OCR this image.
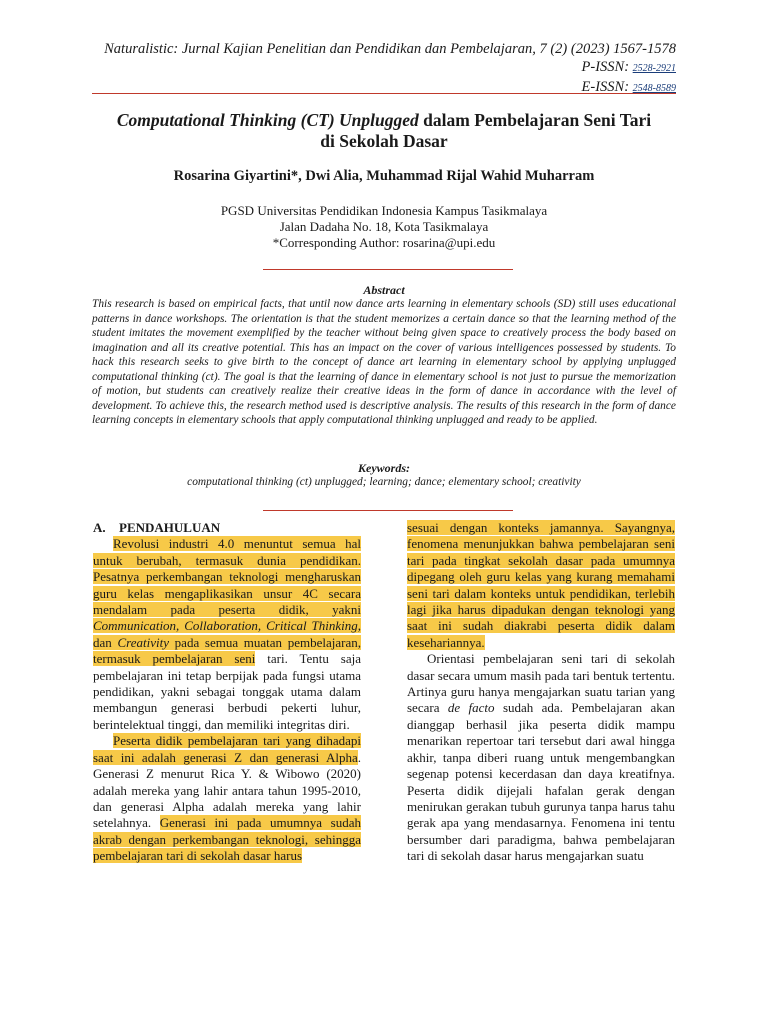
Naturalistic: Jurnal Kajian Penelitian dan Pendidikan dan Pembelajaran, 7 (2) (2023) 1567-1578
P-ISSN: 2528-2921
E-ISSN: 2548-8589
Computational Thinking (CT) Unplugged dalam Pembelajaran Seni Tari
di Sekolah Dasar
Rosarina Giyartini*, Dwi Alia, Muhammad Rijal Wahid Muharram
PGSD Universitas Pendidikan Indonesia Kampus Tasikmalaya
Jalan Dadaha No. 18, Kota Tasikmalaya
*Corresponding Author: rosarina@upi.edu
Abstract
This research is based on empirical facts, that until now dance arts learning in elementary schools (SD) still uses educational patterns in dance workshops. The orientation is that the student memorizes a certain dance so that the learning method of the student imitates the movement exemplified by the teacher without being given space to creatively process the body based on imagination and all its creative potential. This has an impact on the cover of various intelligences possessed by students. To hack this research seeks to give birth to the concept of dance art learning in elementary school by applying unplugged computational thinking (ct). The goal is that the learning of dance in elementary school is not just to pursue the memorization of motion, but students can creatively realize their creative ideas in the form of dance in accordance with the level of development. To achieve this, the research method used is descriptive analysis. The results of this research in the form of dance learning concepts in elementary schools that apply computational thinking unplugged and ready to be applied.
Keywords:
computational thinking (ct) unplugged; learning; dance; elementary school; creativity
A. PENDAHULUAN

Revolusi industri 4.0 menuntut semua hal untuk berubah, termasuk dunia pendidikan. Pesatnya perkembangan teknologi mengharuskan guru kelas mengaplikasikan unsur 4C secara mendalam pada peserta didik, yakni Communication, Collaboration, Critical Thinking, dan Creativity pada semua muatan pembelajaran, termasuk pembelajaran seni tari. Tentu saja pembelajaran ini tetap berpijak pada fungsi utama pendidikan, yakni sebagai tonggak utama dalam membangun generasi berbudi pekerti luhur, berintelektual tinggi, dan memiliki integritas diri.

Peserta didik pembelajaran tari yang dihadapi saat ini adalah generasi Z dan generasi Alpha. Generasi Z menurut Rica Y. & Wibowo (2020) adalah mereka yang lahir antara tahun 1995-2010, dan generasi Alpha adalah mereka yang lahir setelahnya. Generasi ini pada umumnya sudah akrab dengan perkembangan teknologi, sehingga pembelajaran tari di sekolah dasar harus

sesuai dengan konteks jamannya. Sayangnya, fenomena menunjukkan bahwa pembelajaran seni tari pada tingkat sekolah dasar pada umumnya dipegang oleh guru kelas yang kurang memahami seni tari dalam konteks untuk pendidikan, terlebih lagi jika harus dipadukan dengan teknologi yang saat ini sudah diakrabi peserta didik dalam kesehariannya.

Orientasi pembelajaran seni tari di sekolah dasar secara umum masih pada tari bentuk tertentu. Artinya guru hanya mengajarkan suatu tarian yang secara de facto sudah ada. Pembelajaran akan dianggap berhasil jika peserta didik mampu menarikan repertoar tari tersebut dari awal hingga akhir, tanpa diberi ruang untuk mengembangkan segenap potensi kecerdasan dan daya kreatifnya. Peserta didik dijejali hafalan gerak dengan menirukan gerakan tubuh gurunya tanpa harus tahu gerak apa yang mendasarnya. Fenomena ini tentu bersumber dari paradigma, bahwa pembelajaran tari di sekolah dasar harus mengajarkan suatu
